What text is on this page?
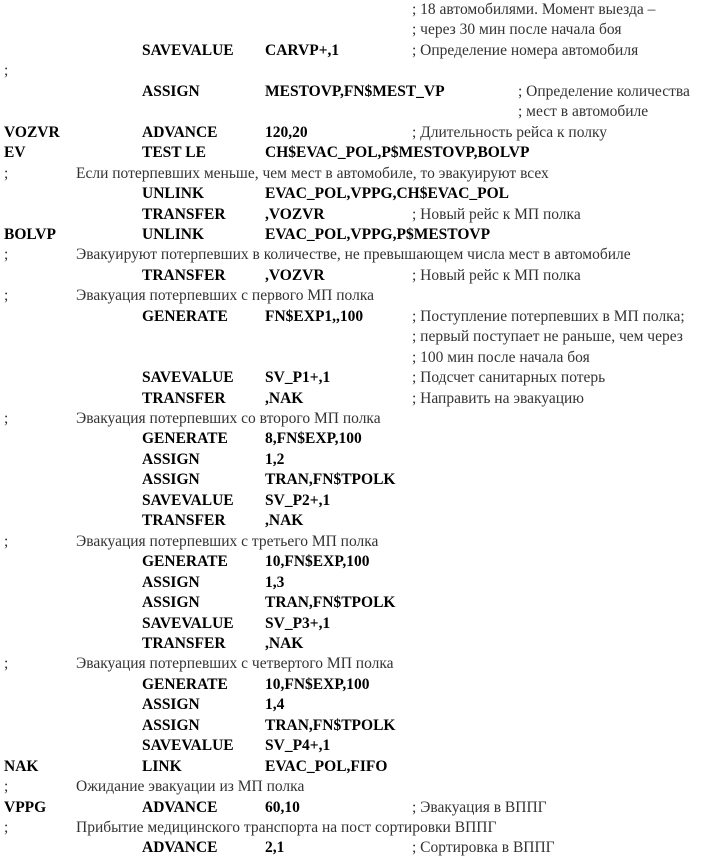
; 18 автомобилями. Момент выезда –
; через 30 мин после начала боя
SAVEVALUE CARVP+,1	; Определение номера автомобиля
;
ASSIGN	MESTOVP,FN$MEST_VP	; Определение количества
; мест в автомобиле
VOZVR	ADVANCE	120,20	; Длительность рейса к полку
EV	TEST LE	CH$EVAC_POL,P$MESTOVP,BOLVP
;	Если потерпевших меньше, чем мест в автомобиле, то эвакуируют всех
UNLINK	EVAC_POL,VPPG,CH$EVAC_POL
TRANSFER	,VOZVR	; Новый рейс к МП полка
BOLVP	UNLINK	EVAC_POL,VPPG,P$MESTOVP
;	Эвакуируют потерпевших в количестве, не превышающем числа мест в автомобиле
TRANSFER	,VOZVR	; Новый рейс к МП полка
;	Эвакуация потерпевших с первого МП полка
GENERATE FN$EXP1,,100	; Поступление потерпевших в МП полка;
; первый поступает не раньше, чем через
; 100 мин после начала боя
SAVEVALUE SV_P1+,1	; Подсчет санитарных потерь
TRANSFER	,NAK	; Направить на эвакуацию
;	Эвакуация потерпевших со второго МП полка
GENERATE 8,FN$EXP,100
ASSIGN	1,2
ASSIGN	TRAN,FN$TPOLK
SAVEVALUE SV_P2+,1
TRANSFER	,NAK
;	Эвакуация потерпевших с третьего МП полка
GENERATE 10,FN$EXP,100
ASSIGN	1,3
ASSIGN	TRAN,FN$TPOLK
SAVEVALUE SV_P3+,1
TRANSFER	,NAK
;	Эвакуация потерпевших с четвертого МП полка
GENERATE 10,FN$EXP,100
ASSIGN	1,4
ASSIGN	TRAN,FN$TPOLK
SAVEVALUE SV_P4+,1
NAK	LINK	EVAC_POL,FIFO
;	Ожидание эвакуации из МП полка
VPPG	ADVANCE	60,10	; Эвакуация в ВППГ
;	Прибытие медицинского транспорта на пост сортировки ВППГ
ADVANCE	2,1	; Сортировка в ВППГ
